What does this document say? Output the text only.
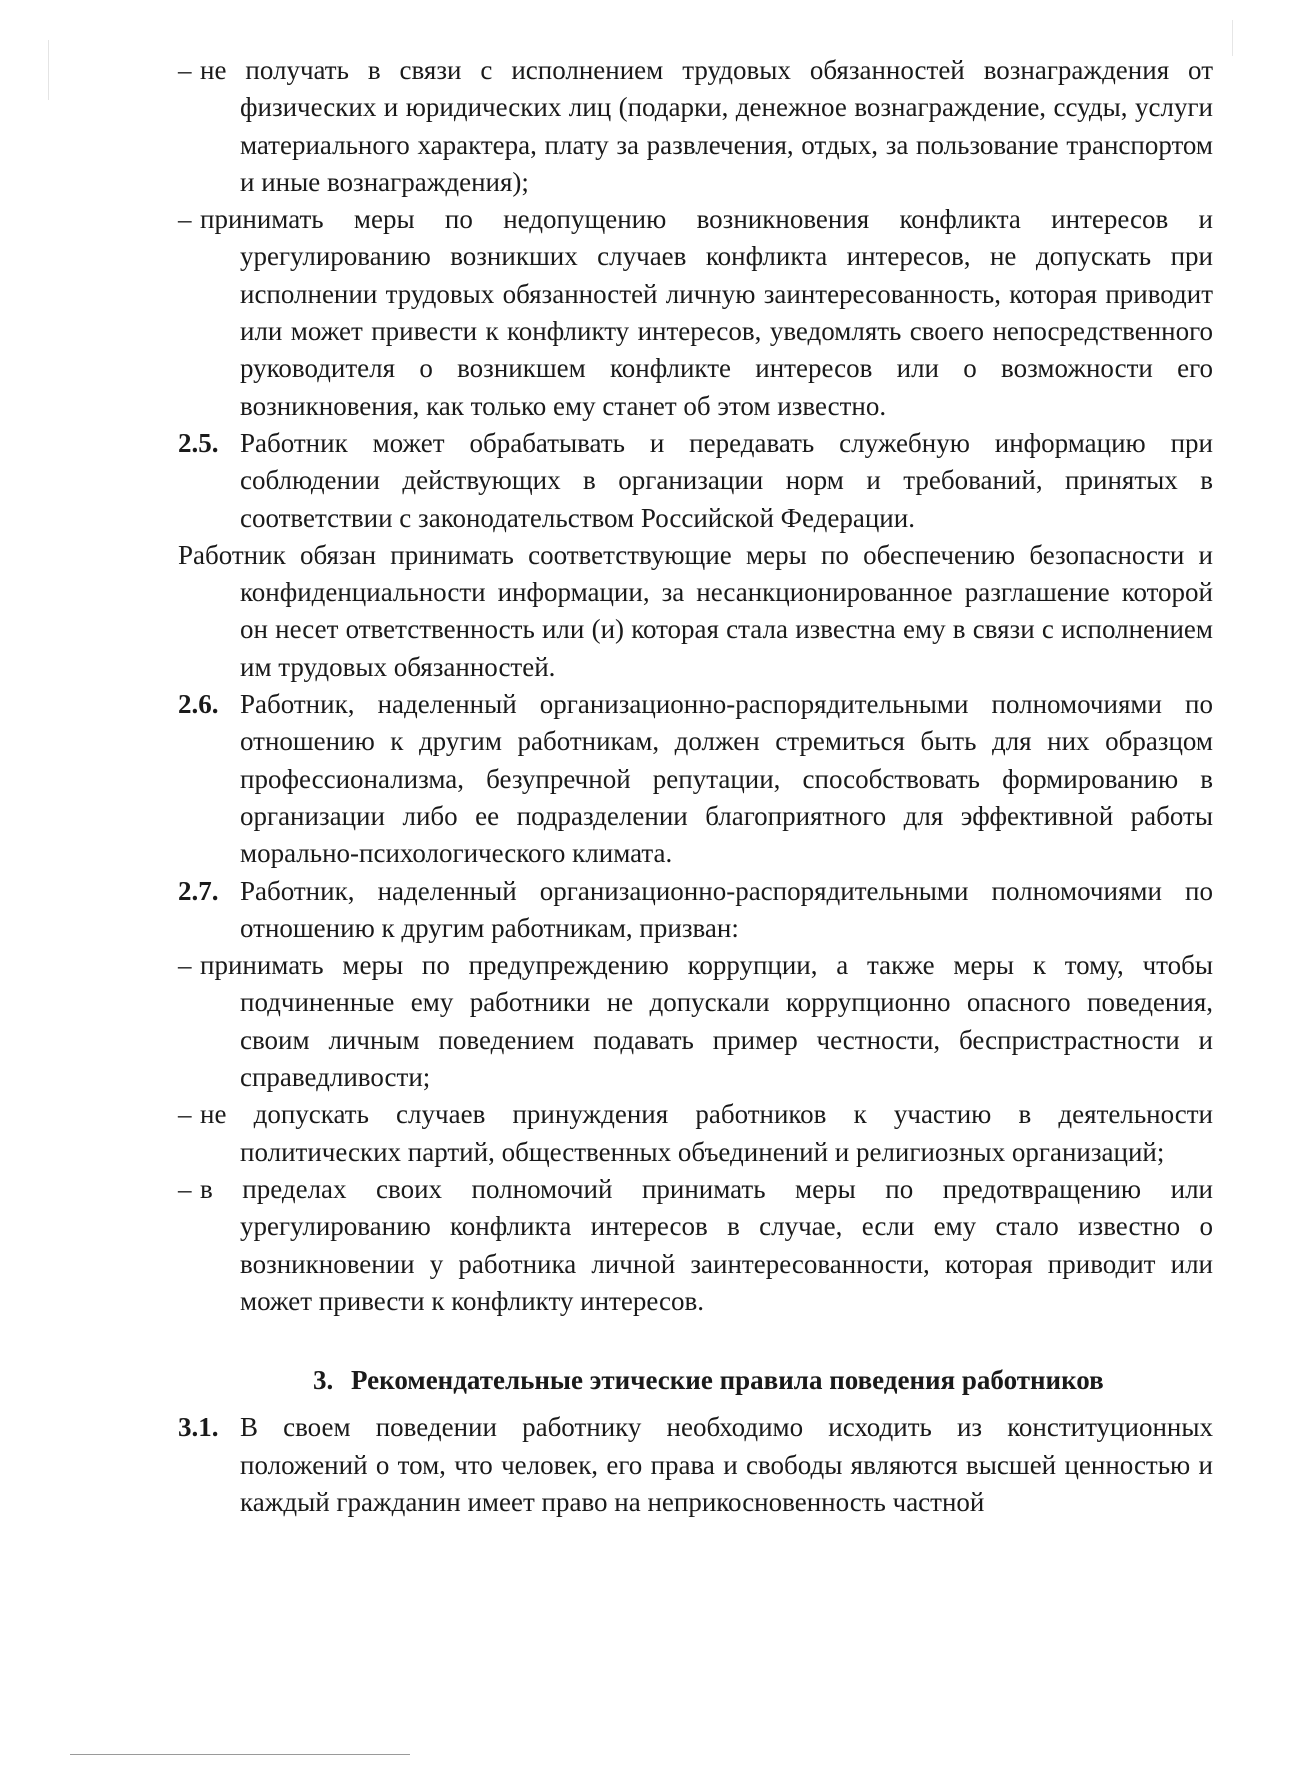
– не получать в связи с исполнением трудовых обязанностей вознаграждения от физических и юридических лиц (подарки, денежное вознаграждение, ссуды, услуги материального характера, плату за развлечения, отдых, за пользование транспортом и иные вознаграждения);

– принимать меры по недопущению возникновения конфликта интересов и урегулированию возникших случаев конфликта интересов, не допускать при исполнении трудовых обязанностей личную заинтересованность, которая приводит или может привести к конфликту интересов, уведомлять своего непосредственного руководителя о возникшем конфликте интересов или о возможности его возникновения, как только ему станет об этом известно.

2.5. Работник может обрабатывать и передавать служебную информацию при соблюдении действующих в организации норм и требований, принятых в соответствии с законодательством Российской Федерации.

Работник обязан принимать соответствующие меры по обеспечению безопасности и конфиденциальности информации, за несанкционированное разглашение которой он несет ответственность или (и) которая стала известна ему в связи с исполнением им трудовых обязанностей.

2.6. Работник, наделенный организационно-распорядительными полномочиями по отношению к другим работникам, должен стремиться быть для них образцом профессионализма, безупречной репутации, способствовать формированию в организации либо ее подразделении благоприятного для эффективной работы морально-психологического климата.

2.7. Работник, наделенный организационно-распорядительными полномочиями по отношению к другим работникам, призван:

– принимать меры по предупреждению коррупции, а также меры к тому, чтобы подчиненные ему работники не допускали коррупционно опасного поведения, своим личным поведением подавать пример честности, беспристрастности и справедливости;

– не допускать случаев принуждения работников к участию в деятельности политических партий, общественных объединений и религиозных организаций;

– в пределах своих полномочий принимать меры по предотвращению или урегулированию конфликта интересов в случае, если ему стало известно о возникновении у работника личной заинтересованности, которая приводит или может привести к конфликту интересов.

3. Рекомендательные этические правила поведения работников

3.1. В своем поведении работнику необходимо исходить из конституционных положений о том, что человек, его права и свободы являются высшей ценностью и каждый гражданин имеет право на неприкосновенность частной
